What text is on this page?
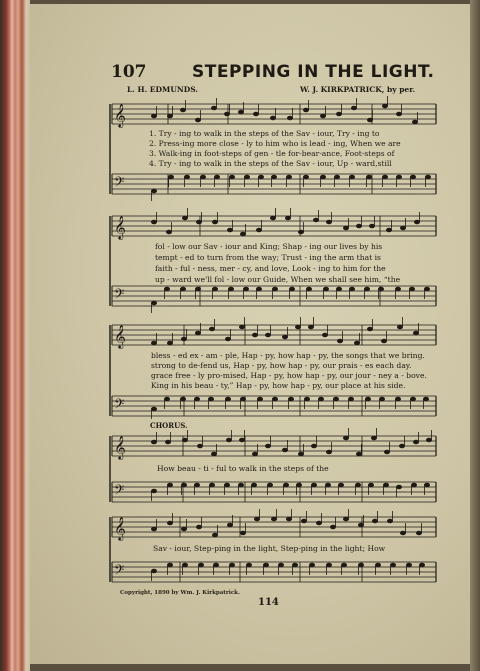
107	STEPPING IN THE LIGHT.
L. H. EDMUNDS.	W. J. KIRKPATRICK, by per.
𝄞
𝄢
𝄞
𝄢
𝄞
𝄢
𝄞
𝄢
𝄞
𝄢
1. Try - ing to walk in the steps of the Sav - iour, Try - ing to
2. Press-ing more close - ly to him who is lead - ing, When we are
3. Walk-ing in foot-steps of gen - tle for-bear-ance, Foot-steps of
4. Try - ing to walk in the steps of the Sav - iour, Up - ward,still
fol - low our Sav - iour and King; Shap - ing our lives by his
tempt - ed to turn from the way; Trust - ing the arm that is
faith - ful - ness, mer - cy, and love, Look - ing to him for the
up - ward we'll fol - low our Guide, When we shall see him, “the
bless - ed ex - am - ple, Hap - py, how hap - py, the songs that we bring.
strong to de-fend us, Hap - py, how hap - py, our prais - es each day.
grace free - ly pro-mised, Hap - py, how hap - py, our jour - ney a - bove.
King in his beau - ty,” Hap - py, how hap - py, our place at his side.
CHORUS.
How beau - ti - ful to walk in the steps of the
Sav - iour, Step-ping in the light, Step-ping in the light; How
Copyright, 1890 by Wm. J. Kirkpatrick.
114
